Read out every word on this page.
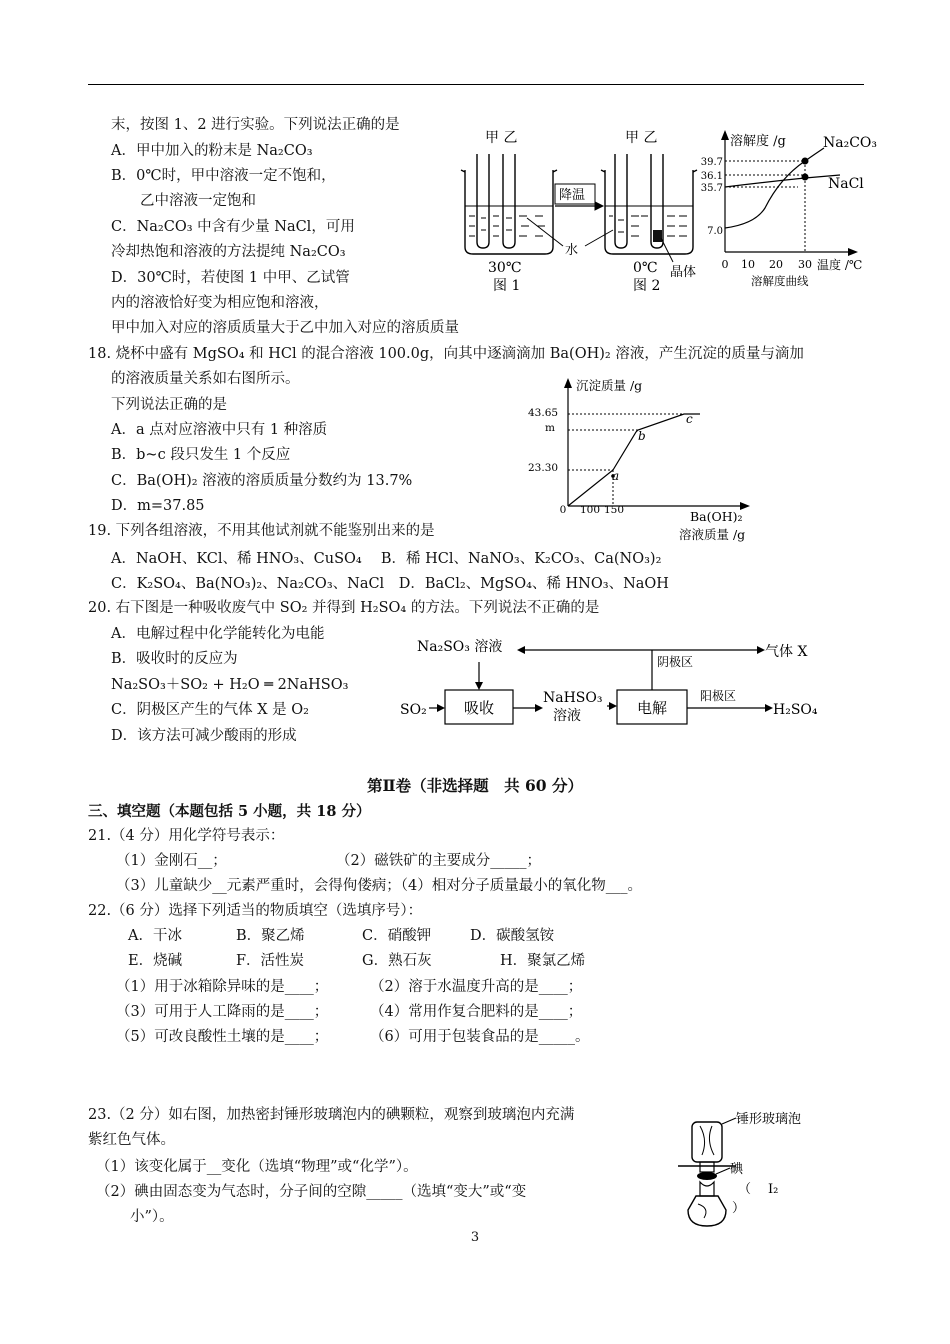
末，按图 1、2 进行实验。下列说法正确的是
A．甲中加入的粉末是 Na₂CO₃
B．0℃时，甲中溶液一定不饱和，
乙中溶液一定饱和
C．Na₂CO₃ 中含有少量 NaCl，可用
冷却热饱和溶液的方法提纯 Na₂CO₃
D．30℃时，若使图 1 中甲、乙试管
内的溶液恰好变为相应饱和溶液，
甲中加入对应的溶质质量大于乙中加入对应的溶质质量
甲 乙	甲 乙
降温
水
晶体
30℃
图 1
0℃
图 2
溶解度 /g
温度 /℃
溶解度曲线
39.7
36.1
35.7
7.0
0 10 20 30
Na₂CO₃
NaCl
18. 烧杯中盛有 MgSO₄ 和 HCl 的混合溶液 100.0g，向其中逐滴滴加 Ba(OH)₂ 溶液，产生沉淀的质量与滴加
的溶液质量关系如右图所示。
下列说法正确的是
A．a 点对应溶液中只有 1 种溶质
B．b~c 段只发生 1 个反应
C．Ba(OH)₂ 溶液的溶质质量分数约为 13.7%
D．m=37.85
沉淀质量 /g
43.65
m
23.30
0 100 150	Ba(OH)₂
溶液质量 /g
a
b
c
19. 下列各组溶液，不用其他试剂就不能鉴别出来的是
A．NaOH、KCl、稀 HNO₃、CuSO₄　 B．稀 HCl、NaNO₃、K₂CO₃、Ca(NO₃)₂
C．K₂SO₄、Ba(NO₃)₂、Na₂CO₃、NaCl　D．BaCl₂、MgSO₄、稀 HNO₃、NaOH
20. 右下图是一种吸收废气中 SO₂ 并得到 H₂SO₄ 的方法。下列说法不正确的是
A．电解过程中化学能转化为电能
B．吸收时的反应为
Na₂SO₃＋SO₂ + H₂O ═ 2NaHSO₃
C．阴极区产生的气体 X 是 O₂
D．该方法可减少酸雨的形成
Na₂SO₃ 溶液	气体 X
阴极区
SO₂
NaHSO₃
溶液
阳极区
H₂SO₄
吸收	电解
第Ⅱ卷（非选择题　共 60 分）
三、填空题（本题包括 5 小题，共 18 分）
21.（4 分）用化学符号表示：
（1）金刚石__；	（2）磁铁矿的主要成分_____；
（3）儿童缺少__元素严重时，会得佝偻病；（4）相对分子质量最小的氧化物___。
22.（6 分）选择下列适当的物质填空（选填序号）：
A．干冰	B．聚乙烯	C．硝酸钾	D．碳酸氢铵
E．烧碱	F．活性炭	G．熟石灰	H．聚氯乙烯
（1）用于冰箱除异味的是____；	（2）溶于水温度升高的是____；
（3）可用于人工降雨的是____；	（4）常用作复合肥料的是____；
（5）可改良酸性土壤的是____；	（6）可用于包装食品的是_____。
23.（2 分）如右图，加热密封锤形玻璃泡内的碘颗粒，观察到玻璃泡内充满
紫红色气体。
（1）该变化属于__变化（选填“物理”或“化学”）。
（2）碘由固态变为气态时，分子间的空隙_____（选填“变大”或“变
小”）。
锤形玻璃泡
碘
（ I₂
）
3
